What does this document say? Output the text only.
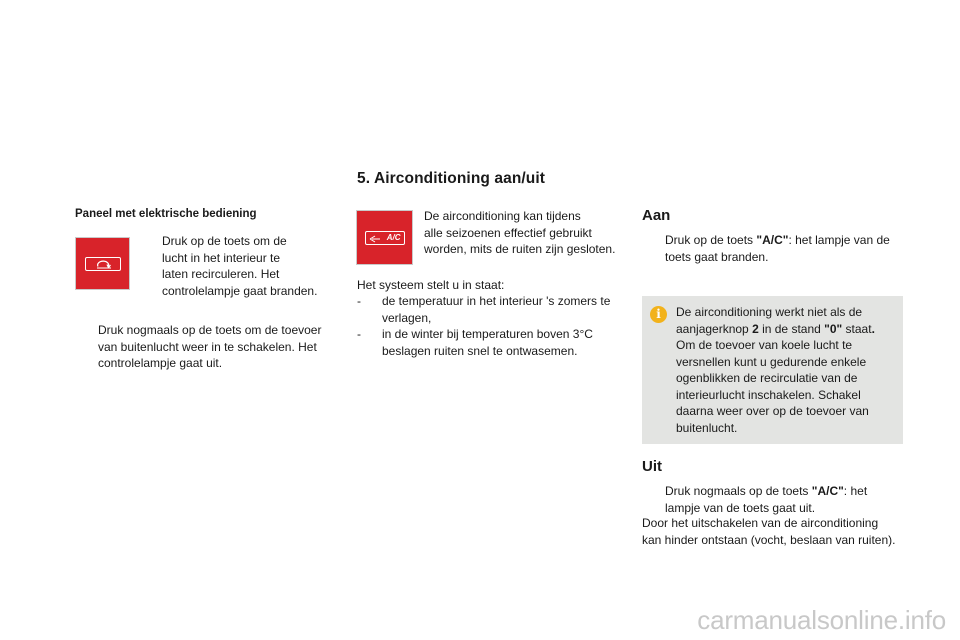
5. Airconditioning aan/uit
Paneel met elektrische bediening
Druk op de toets om de
lucht in het interieur te
laten recirculeren. Het
controlelampje gaat branden.
Druk nogmaals op de toets om de toevoer
van buitenlucht weer in te schakelen. Het
controlelampje gaat uit.
A/C
De airconditioning kan tijdens
alle seizoenen effectief gebruikt
worden, mits de ruiten zijn gesloten.
Het systeem stelt u in staat:
- de temperatuur in het interieur 's zomers te
verlagen,
- in de winter bij temperaturen boven 3°C
beslagen ruiten snel te ontwasemen.
Aan
Druk op de toets "A/C": het lampje van de
toets gaat branden.
i	De airconditioning werkt niet als de
aanjagerknop 2 in de stand "0" staat.
Om de toevoer van koele lucht te
versnellen kunt u gedurende enkele
ogenblikken de recirculatie van de
interieurlucht inschakelen. Schakel
daarna weer over op de toevoer van
buitenlucht.
Uit
Druk nogmaals op de toets "A/C": het
lampje van de toets gaat uit.
Door het uitschakelen van de airconditioning
kan hinder ontstaan (vocht, beslaan van ruiten).
carmanualsonline.info
